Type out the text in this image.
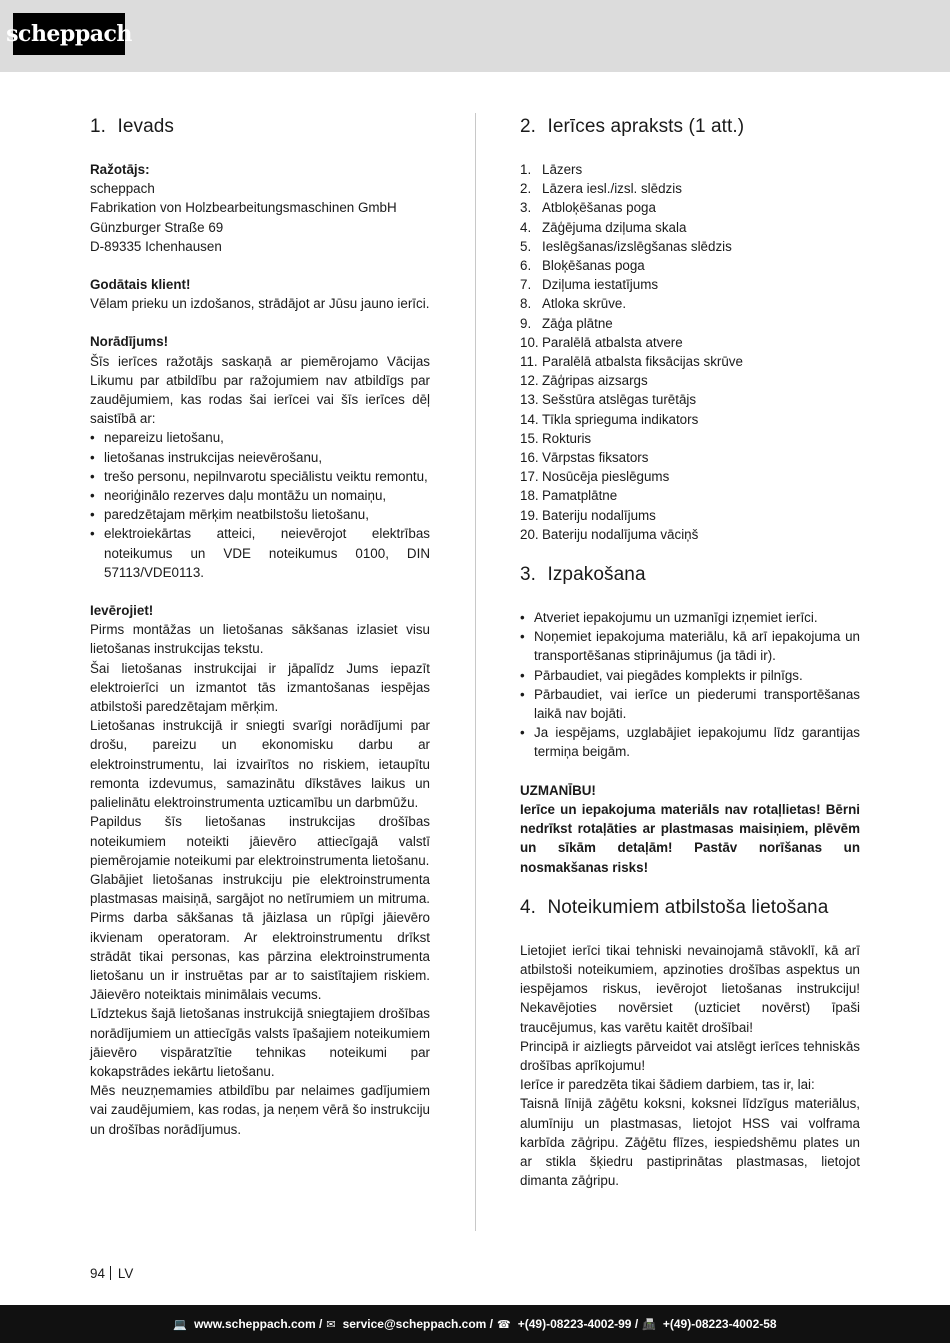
scheppach
1. Ievads

Ražotājs:

scheppach

Fabrikation von Holzbearbeitungsmaschinen GmbH

Günzburger Straße 69

D-89335 Ichenhausen

Godātais klient!

Vēlam prieku un izdošanos, strādājot ar Jūsu jauno ierīci.

Norādījums!

Šīs ierīces ražotājs saskaņā ar piemērojamo Vācijas Likumu par atbildību par ražojumiem nav atbildīgs par zaudējumiem, kas rodas šai ierīcei vai šīs ierīces dēļ saistībā ar:

• nepareizu lietošanu,
• lietošanas instrukcijas neievērošanu,
• trešo personu, nepilnvarotu speciālistu veiktu remontu,
• neoriģinālo rezerves daļu montāžu un nomaiņu,
• paredzētajam mērķim neatbilstošu lietošanu,
• elektroiekārtas atteici, neievērojot elektrības noteikumus un VDE noteikumus 0100, DIN 57113/VDE0113.

Ievērojiet!

Pirms montāžas un lietošanas sākšanas izlasiet visu lietošanas instrukcijas tekstu.

Šai lietošanas instrukcijai ir jāpalīdz Jums iepazīt elektroierīci un izmantot tās izmantošanas iespējas atbilstoši paredzētajam mērķim.

Lietošanas instrukcijā ir sniegti svarīgi norādījumi par drošu, pareizu un ekonomisku darbu ar elektroinstrumentu, lai izvairītos no riskiem, ietaupītu remonta izdevumus, samazinātu dīkstāves laikus un palielinātu elektroinstrumenta uzticamību un darbmūžu.

Papildus šīs lietošanas instrukcijas drošības noteikumiem noteikti jāievēro attiecīgajā valstī piemērojamie noteikumi par elektroinstrumenta lietošanu.

Glabājiet lietošanas instrukciju pie elektroinstrumenta plastmasas maisiņā, sargājot no netīrumiem un mitruma. Pirms darba sākšanas tā jāizlasa un rūpīgi jāievēro ikvienam operatoram. Ar elektroinstrumentu drīkst strādāt tikai personas, kas pārzina elektroinstrumenta lietošanu un ir instruētas par ar to saistītajiem riskiem. Jāievēro noteiktais minimālais vecums.

Līdztekus šajā lietošanas instrukcijā sniegtajiem drošības norādījumiem un attiecīgās valsts īpašajiem noteikumiem jāievēro vispāratzītie tehnikas noteikumi par kokapstrādes iekārtu lietošanu.

Mēs neuzņemamies atbildību par nelaimes gadījumiem vai zaudējumiem, kas rodas, ja neņem vērā šo instrukciju un drošības norādījumus.

2. Ierīces apraksts (1 att.)
1. Lāzers
2. Lāzera iesl./izsl. slēdzis
3. Atbloķēšanas poga
4. Zāģējuma dziļuma skala
5. Ieslēgšanas/izslēgšanas slēdzis
6. Bloķēšanas poga
7. Dziļuma iestatījums
8. Atloka skrūve.
9. Zāģa plātne
10. Paralēlā atbalsta atvere
11. Paralēlā atbalsta fiksācijas skrūve
12. Zāģripas aizsargs
13. Sešstūra atslēgas turētājs
14. Tīkla sprieguma indikators
15. Rokturis
16. Vārpstas fiksators
17. Nosūcēja pieslēgums
18. Pamatplātne
19. Bateriju nodalījums
20. Bateriju nodalījuma vāciņš
3. Izpakošana
• Atveriet iepakojumu un uzmanīgi izņemiet ierīci.
• Noņemiet iepakojuma materiālu, kā arī iepakojuma un transportēšanas stiprinājumus (ja tādi ir).
• Pārbaudiet, vai piegādes komplekts ir pilnīgs.
• Pārbaudiet, vai ierīce un piederumi transportēšanas laikā nav bojāti.
• Ja iespējams, uzglabājiet iepakojumu līdz garantijas termiņa beigām.

UZMANĪBU!

Ierīce un iepakojuma materiāls nav rotaļlietas! Bērni nedrīkst rotaļāties ar plastmasas maisiņiem, plēvēm un sīkām detaļām! Pastāv norīšanas un nosmakšanas risks!

4. Noteikumiem atbilstoša lietošana

Lietojiet ierīci tikai tehniski nevainojamā stāvoklī, kā arī atbilstoši noteikumiem, apzinoties drošības aspektus un iespējamos riskus, ievērojot lietošanas instrukciju! Nekavējoties novērsiet (uzticiet novērst) īpaši traucējumus, kas varētu kaitēt drošībai!

Principā ir aizliegts pārveidot vai atslēgt ierīces tehniskās drošības aprīkojumu!

Ierīce ir paredzēta tikai šādiem darbiem, tas ir, lai:

Taisnā līnijā zāģētu koksni, koksnei līdzīgus materiālus, alumīniju un plastmasas, lietojot HSS vai volframa karbīda zāģripu. Zāģētu flīzes, iespiedshēmu plates un ar stikla šķiedru pastiprinātas plastmasas, lietojot dimanta zāģripu.

94 LV
💻 www.scheppach.com / ✉ service@scheppach.com / ☎ +(49)-08223-4002-99 / 📠 +(49)-08223-4002-58
